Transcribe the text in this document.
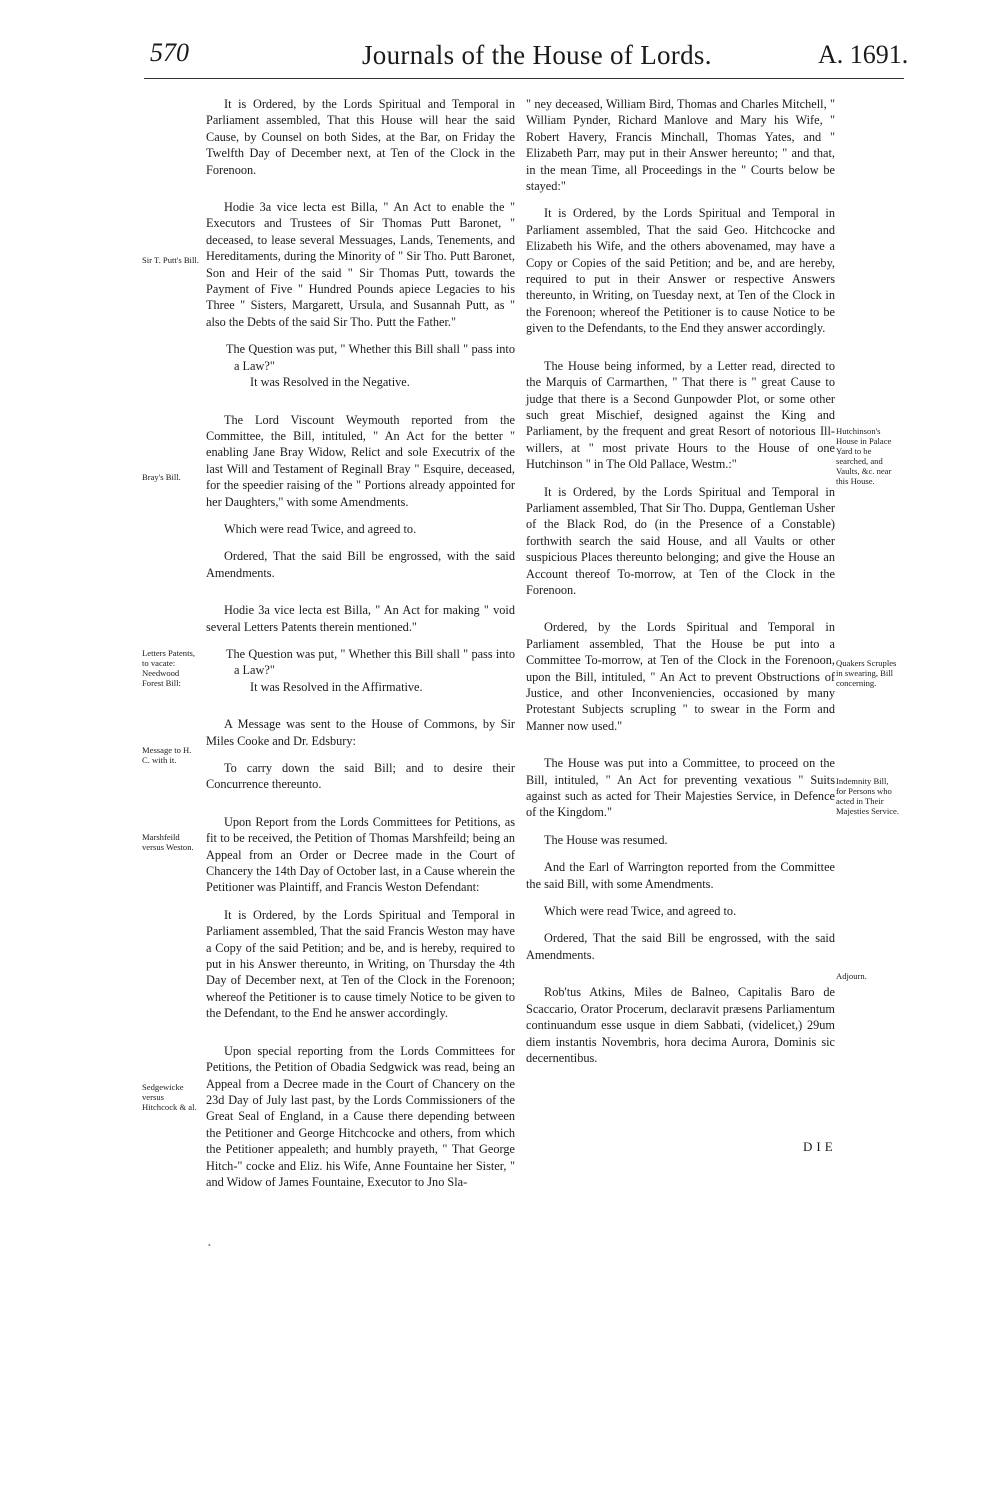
570	Journals of the House of Lords.	A. 1691.
Sir T. Putt's Bill.
Bray's Bill.
Letters Patents, to vacate: Needwood Forest Bill:
Message to H. C. with it.
Marshfeild versus Weston.
Sedgewicke versus Hitchcock & al.
Hutchinson's House in Palace Yard to be searched, and Vaults, &c. near this House.
Quakers Scruples in swearing, Bill concerning.
Indemnity Bill, for Persons who acted in Their Majesties Service.
Adjourn.

It is Ordered, by the Lords Spiritual and Temporal in Parliament assembled, That this House will hear the said Cause, by Counsel on both Sides, at the Bar, on Friday the Twelfth Day of December next, at Ten of the Clock in the Forenoon.

Hodie 3a vice lecta est Billa, " An Act to enable the " Executors and Trustees of Sir Thomas Putt Baronet, " deceased, to lease several Messuages, Lands, Tenements, and Hereditaments, during the Minority of " Sir Tho. Putt Baronet, Son and Heir of the said " Sir Thomas Putt, towards the Payment of Five " Hundred Pounds apiece Legacies to his Three " Sisters, Margarett, Ursula, and Susannah Putt, as " also the Debts of the said Sir Tho. Putt the Father."

The Question was put, " Whether this Bill shall " pass into a Law?"

It was Resolved in the Negative.

The Lord Viscount Weymouth reported from the Committee, the Bill, intituled, " An Act for the better " enabling Jane Bray Widow, Relict and sole Executrix of the last Will and Testament of Reginall Bray " Esquire, deceased, for the speedier raising of the " Portions already appointed for her Daughters," with some Amendments.

Which were read Twice, and agreed to.

Ordered, That the said Bill be engrossed, with the said Amendments.

Hodie 3a vice lecta est Billa, " An Act for making " void several Letters Patents therein mentioned."

The Question was put, " Whether this Bill shall " pass into a Law?"

It was Resolved in the Affirmative.

A Message was sent to the House of Commons, by Sir Miles Cooke and Dr. Edsbury:

To carry down the said Bill; and to desire their Concurrence thereunto.

Upon Report from the Lords Committees for Petitions, as fit to be received, the Petition of Thomas Marshfeild; being an Appeal from an Order or Decree made in the Court of Chancery the 14th Day of October last, in a Cause wherein the Petitioner was Plaintiff, and Francis Weston Defendant:

It is Ordered, by the Lords Spiritual and Temporal in Parliament assembled, That the said Francis Weston may have a Copy of the said Petition; and be, and is hereby, required to put in his Answer thereunto, in Writing, on Thursday the 4th Day of December next, at Ten of the Clock in the Forenoon; whereof the Petitioner is to cause timely Notice to be given to the Defendant, to the End he answer accordingly.

Upon special reporting from the Lords Committees for Petitions, the Petition of Obadia Sedgwick was read, being an Appeal from a Decree made in the Court of Chancery on the 23d Day of July last past, by the Lords Commissioners of the Great Seal of England, in a Cause there depending between the Petitioner and George Hitchcocke and others, from which the Petitioner appealeth; and humbly prayeth, " That George Hitch-" cocke and Eliz. his Wife, Anne Fountaine her Sister, " and Widow of James Fountaine, Executor to Jno Sla-

" ney deceased, William Bird, Thomas and Charles Mitchell, " William Pynder, Richard Manlove and Mary his Wife, " Robert Havery, Francis Minchall, Thomas Yates, and " Elizabeth Parr, may put in their Answer hereunto; " and that, in the mean Time, all Proceedings in the " Courts below be stayed:"

It is Ordered, by the Lords Spiritual and Temporal in Parliament assembled, That the said Geo. Hitchcocke and Elizabeth his Wife, and the others abovenamed, may have a Copy or Copies of the said Petition; and be, and are hereby, required to put in their Answer or respective Answers thereunto, in Writing, on Tuesday next, at Ten of the Clock in the Forenoon; whereof the Petitioner is to cause Notice to be given to the Defendants, to the End they answer accordingly.

The House being informed, by a Letter read, directed to the Marquis of Carmarthen, " That there is " great Cause to judge that there is a Second Gunpowder Plot, or some other such great Mischief, designed against the King and Parliament, by the frequent and great Resort of notorious Ill-willers, at " most private Hours to the House of one Hutchinson " in The Old Pallace, Westm.:"

It is Ordered, by the Lords Spiritual and Temporal in Parliament assembled, That Sir Tho. Duppa, Gentleman Usher of the Black Rod, do (in the Presence of a Constable) forthwith search the said House, and all Vaults or other suspicious Places thereunto belonging; and give the House an Account thereof To-morrow, at Ten of the Clock in the Forenoon.

Ordered, by the Lords Spiritual and Temporal in Parliament assembled, That the House be put into a Committee To-morrow, at Ten of the Clock in the Forenoon, upon the Bill, intituled, " An Act to prevent Obstructions of Justice, and other Inconveniencies, occasioned by many Protestant Subjects scrupling " to swear in the Form and Manner now used."

The House was put into a Committee, to proceed on the Bill, intituled, " An Act for preventing vexatious " Suits against such as acted for Their Majesties Service, in Defence of the Kingdom."

The House was resumed.

And the Earl of Warrington reported from the Committee the said Bill, with some Amendments.

Which were read Twice, and agreed to.

Ordered, That the said Bill be engrossed, with the said Amendments.

Rob'tus Atkins, Miles de Balneo, Capitalis Baro de Scaccario, Orator Procerum, declaravit præsens Parliamentum continuandum esse usque in diem Sabbati, (videlicet,) 29um diem instantis Novembris, hora decima Aurora, Dominis sic decernentibus.

DIE
˛
